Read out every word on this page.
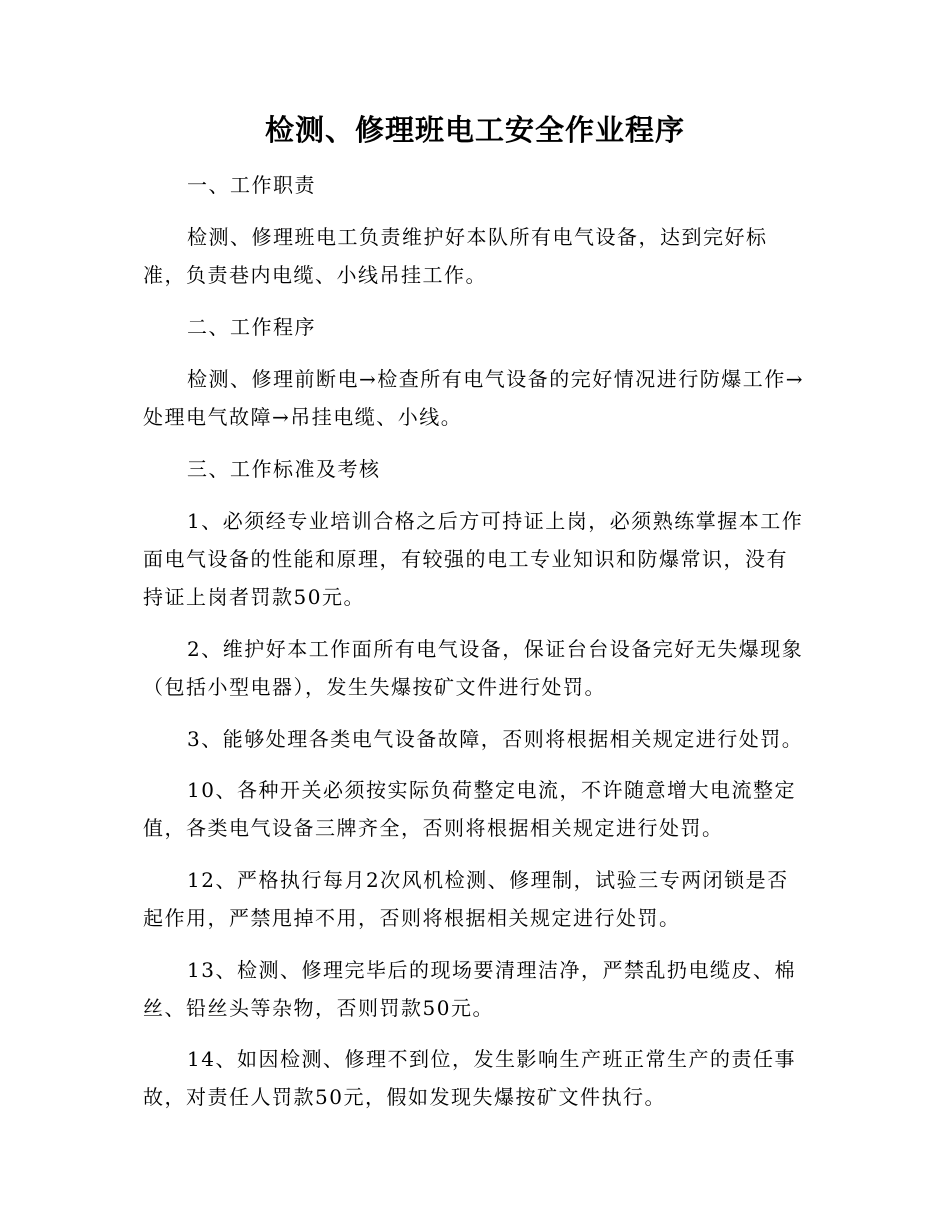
检测、修理班电工安全作业程序

一、工作职责

检测、修理班电工负责维护好本队所有电气设备，达到完好标准，负责巷内电缆、小线吊挂工作。

二、工作程序

检测、修理前断电→检查所有电气设备的完好情况进行防爆工作→处理电气故障→吊挂电缆、小线。

三、工作标准及考核

1、必须经专业培训合格之后方可持证上岗，必须熟练掌握本工作面电气设备的性能和原理，有较强的电工专业知识和防爆常识，没有持证上岗者罚款50元。

2、维护好本工作面所有电气设备，保证台台设备完好无失爆现象（包括小型电器），发生失爆按矿文件进行处罚。

3、能够处理各类电气设备故障，否则将根据相关规定进行处罚。

10、各种开关必须按实际负荷整定电流，不许随意增大电流整定值，各类电气设备三牌齐全，否则将根据相关规定进行处罚。

12、严格执行每月2次风机检测、修理制，试验三专两闭锁是否起作用，严禁甩掉不用，否则将根据相关规定进行处罚。

13、检测、修理完毕后的现场要清理洁净，严禁乱扔电缆皮、棉丝、铅丝头等杂物，否则罚款50元。

14、如因检测、修理不到位，发生影响生产班正常生产的责任事故，对责任人罚款50元，假如发现失爆按矿文件执行。
